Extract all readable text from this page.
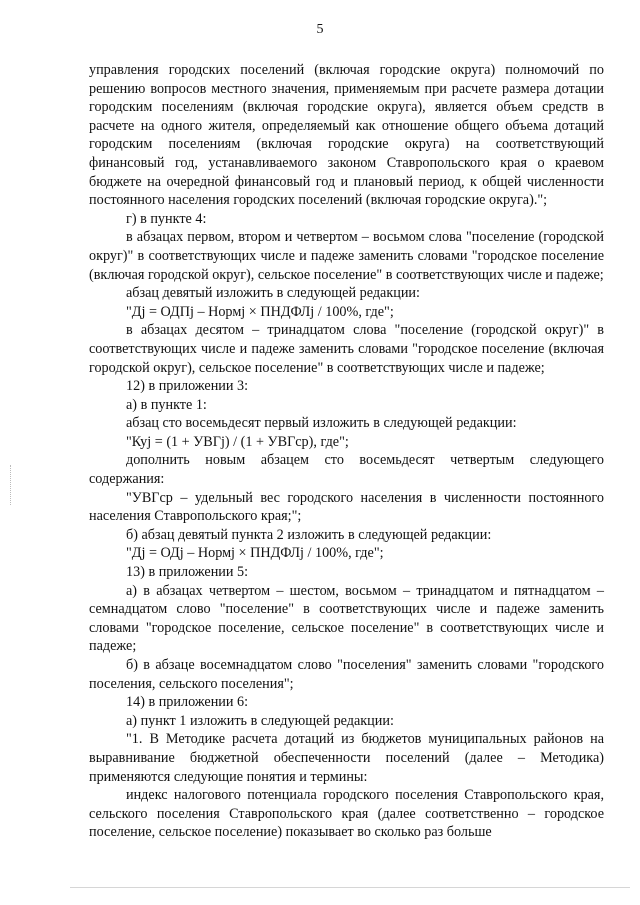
5

управления городских поселений (включая городские округа) полномочий по решению вопросов местного значения, применяемым при расчете размера дотации городским поселениям (включая городские округа), является объем средств в расчете на одного жителя, определяемый как отношение общего объема дотаций городским поселениям (включая городские округа) на соответствующий финансовый год, устанавливаемого законом Ставропольского края о краевом бюджете на очередной финансовый год и плановый период, к общей численности постоянного населения городских поселений (включая городские округа).";

г) в пункте 4:

в абзацах первом, втором и четвертом – восьмом слова "поселение (городской округ)" в соответствующих числе и падеже заменить словами "городское поселение (включая городской округ), сельское поселение" в соответствующих числе и падеже;

абзац девятый изложить в следующей редакции:

"Дj = ОДПj – Нормj × ПНДФЛj / 100%, где";

в абзацах десятом – тринадцатом слова "поселение (городской округ)" в соответствующих числе и падеже заменить словами "городское поселение (включая городской округ), сельское поселение" в соответствующих числе и падеже;

12) в приложении 3:

а) в пункте 1:

абзац сто восемьдесят первый изложить в следующей редакции:

"Куj = (1 + УВГj) / (1 + УВГср), где";

дополнить новым абзацем сто восемьдесят четвертым следующего содержания:

"УВГср – удельный вес городского населения в численности постоянного населения Ставропольского края;";

б) абзац девятый пункта 2 изложить в следующей редакции:

"Дj = ОДj – Нормj × ПНДФЛj / 100%, где";

13) в приложении 5:

а) в абзацах четвертом – шестом, восьмом – тринадцатом и пятнадцатом – семнадцатом слово "поселение" в соответствующих числе и падеже заменить словами "городское поселение, сельское поселение" в соответствующих числе и падеже;

б) в абзаце восемнадцатом слово "поселения" заменить словами "городского поселения, сельского поселения";

14) в приложении 6:

а) пункт 1 изложить в следующей редакции:

"1. В Методике расчета дотаций из бюджетов муниципальных районов на выравнивание бюджетной обеспеченности поселений (далее – Методика) применяются следующие понятия и термины:

индекс налогового потенциала городского поселения Ставропольского края, сельского поселения Ставропольского края (далее соответственно – городское поселение, сельское поселение) показывает во сколько раз больше
